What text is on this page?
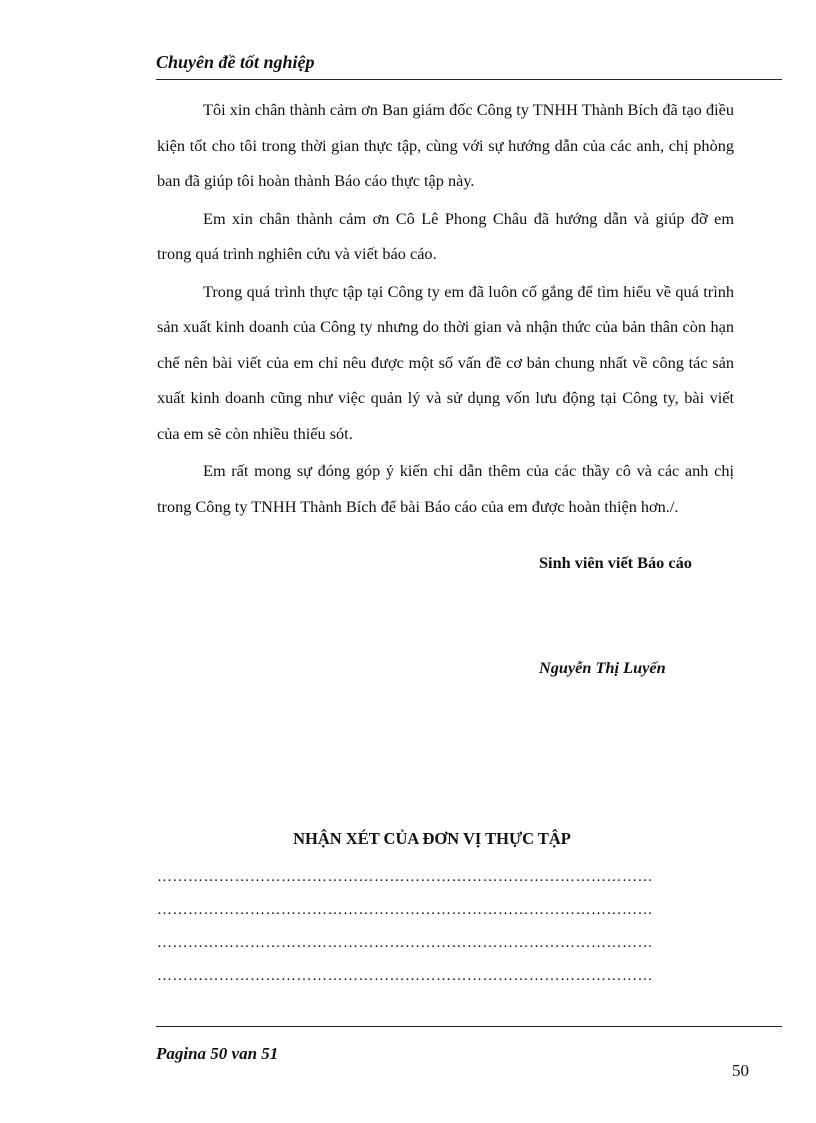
Chuyên đề tốt nghiệp

Tôi xin chân thành cảm ơn Ban giám đốc Công ty TNHH Thành Bích đã tạo điều kiện tốt cho tôi trong thời gian thực tập, cùng với sự hướng dẫn của các anh, chị phòng ban đã giúp tôi hoàn thành Báo cáo thực tập này.

Em xin chân thành cảm ơn Cô Lê Phong Châu đã hướng dẫn và giúp đỡ em trong quá trình nghiên cứu và viết báo cáo.

Trong quá trình thực tập tại Công ty em đã luôn cố gắng để tìm hiểu về quá trình sản xuất kinh doanh của Công ty nhưng do thời gian và nhận thức của bản thân còn hạn chế nên bài viết của em chỉ nêu được một số vấn đề cơ bản chung nhất về công tác sản xuất kinh doanh cũng như việc quản lý và sử dụng vốn lưu động tại Công ty, bài viết của em sẽ còn nhiều thiếu sót.

Em rất mong sự đóng góp ý kiến chỉ dẫn thêm của các thầy cô và các anh chị trong Công ty TNHH Thành Bích để bài Báo cáo của em được hoàn thiện hơn./.

Sinh viên viết Báo cáo
Nguyễn Thị Luyến
NHẬN XÉT CỦA ĐƠN VỊ THỰC TẬP
……………………………………………………………………………………
……………………………………………………………………………………
……………………………………………………………………………………
……………………………………………………………………………………
Pagina 50 van 51
50
